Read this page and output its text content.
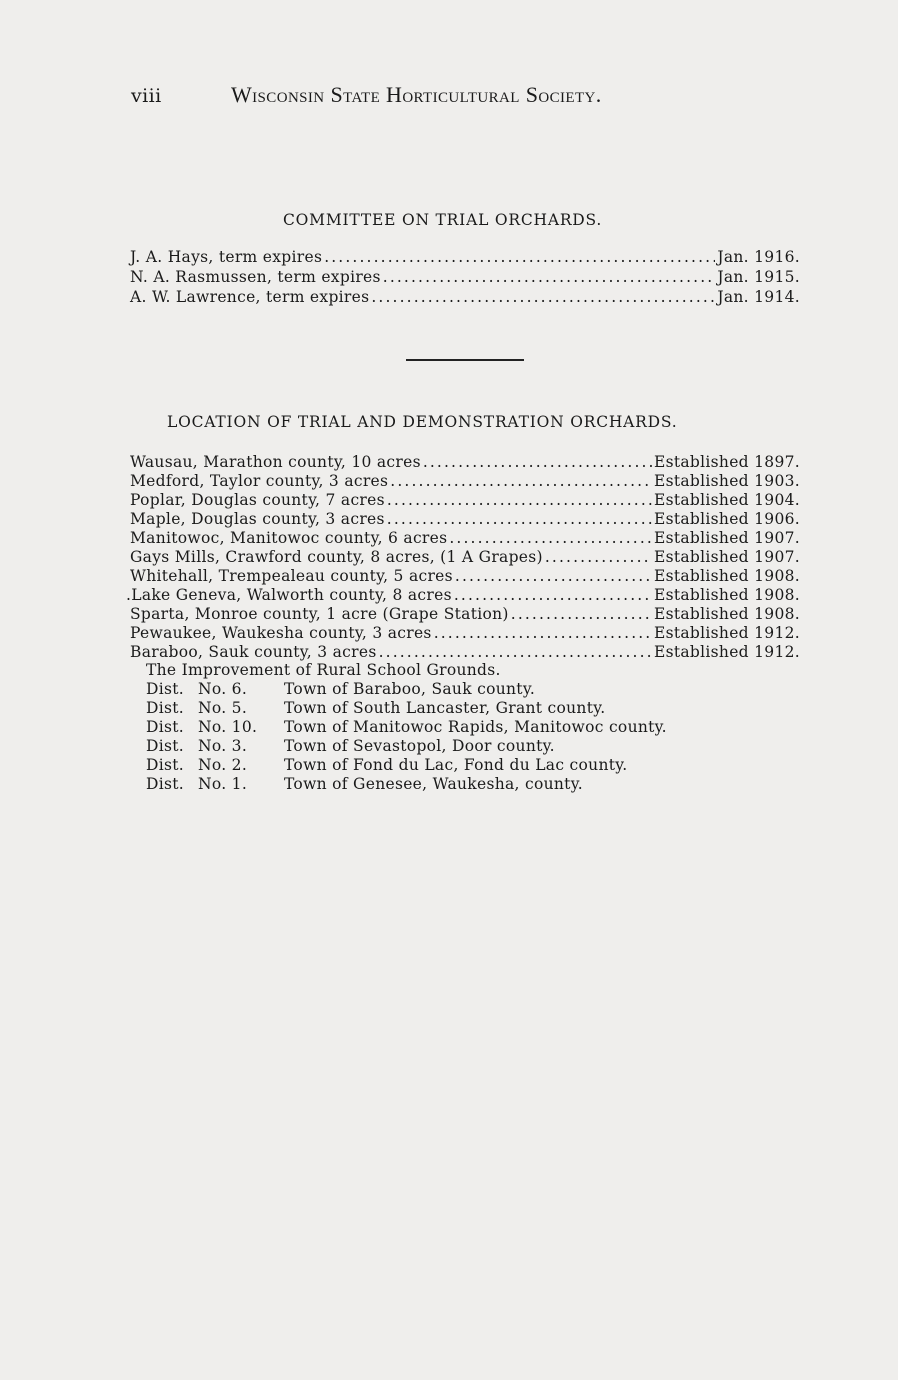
viii	Wisconsin State Horticultural Society.
COMMITTEE ON TRIAL ORCHARDS.
J. A. Hays, term expires . . .	Jan. 1916.
N. A. Rasmussen, term expires . . .	Jan. 1915.
A. W. Lawrence, term expires . . .	Jan. 1914.
LOCATION OF TRIAL AND DEMONSTRATION ORCHARDS.
Wausau, Marathon county, 10 acres . . .	Established 1897.
Medford, Taylor county, 3 acres . . .	Established 1903.
Poplar, Douglas county, 7 acres . . .	Established 1904.
Maple, Douglas county, 3 acres . . .	Established 1906.
Manitowoc, Manitowoc county, 6 acres . . .	Established 1907.
Gays Mills, Crawford county, 8 acres, (1 A Grapes) . . .	Established 1907.
Whitehall, Trempealeau county, 5 acres . . .	Established 1908.
.Lake Geneva, Walworth county, 8 acres . . .	Established 1908.
Sparta, Monroe county, 1 acre (Grape Station) . . .	Established 1908.
Pewaukee, Waukesha county, 3 acres . . .	Established 1912.
Baraboo, Sauk county, 3 acres . . .	Established 1912.
The Improvement of Rural School Grounds.
Dist. No. 6. Town of Baraboo, Sauk county.
Dist. No. 5. Town of South Lancaster, Grant county.
Dist. No. 10. Town of Manitowoc Rapids, Manitowoc county.
Dist. No. 3. Town of Sevastopol, Door county.
Dist. No. 2. Town of Fond du Lac, Fond du Lac county.
Dist. No. 1. Town of Genesee, Waukesha, county.
